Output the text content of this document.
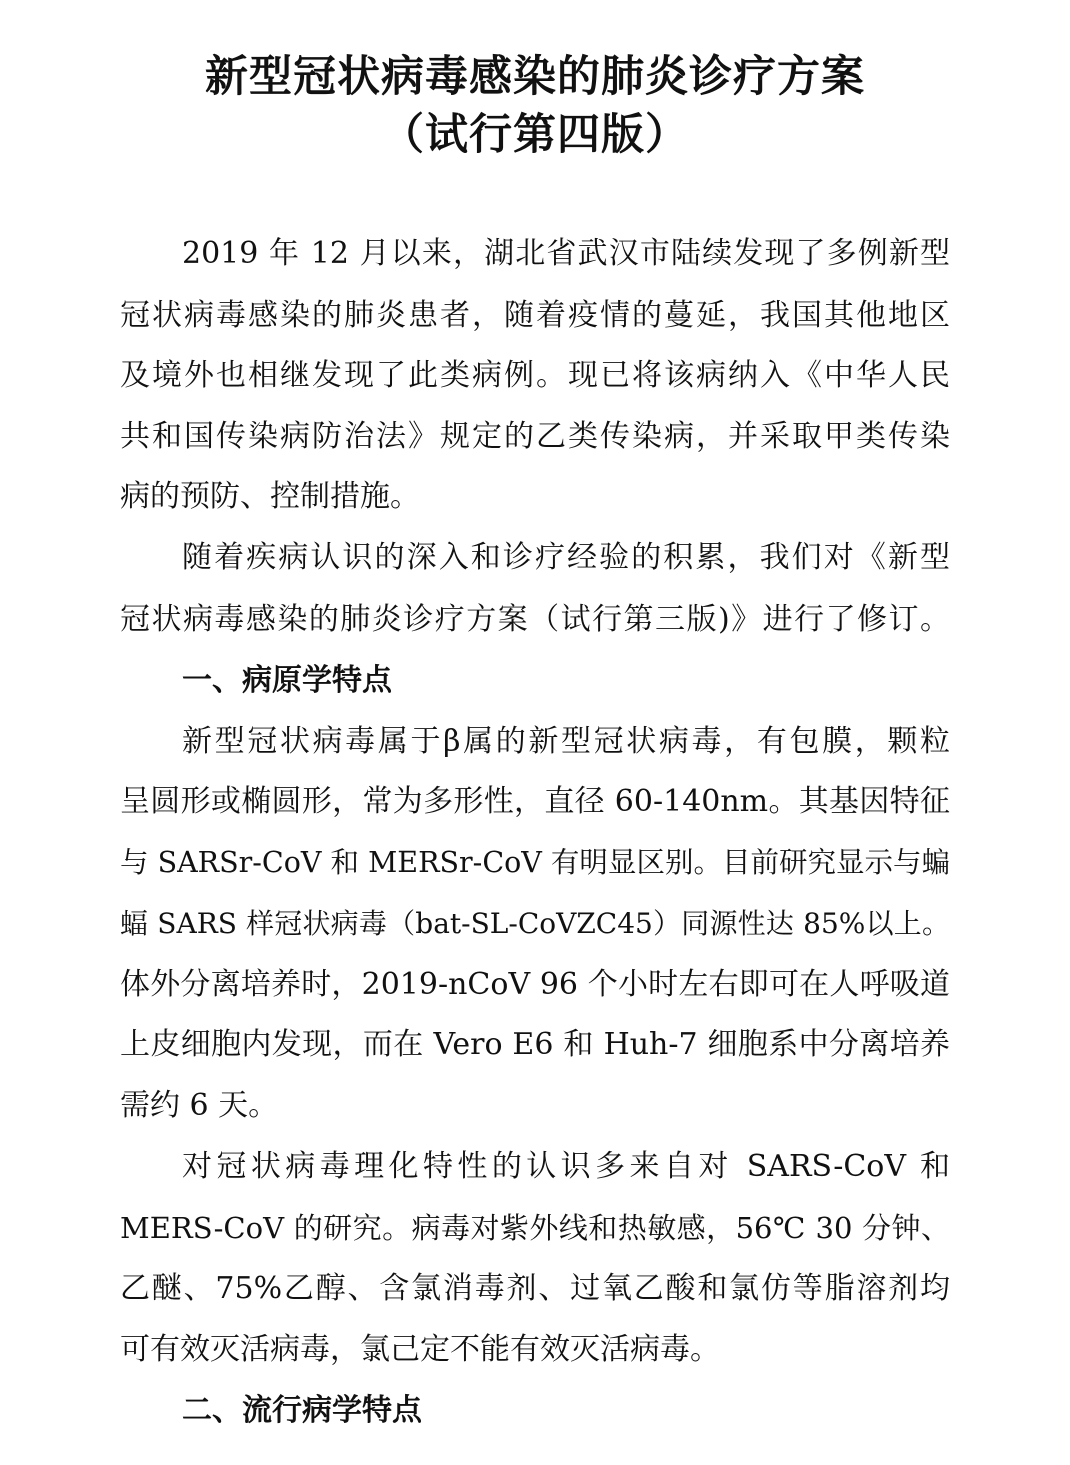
新型冠状病毒感染的肺炎诊疗方案
（试行第四版）
2019 年 12 月以来，湖北省武汉市陆续发现了多例新型
冠状病毒感染的肺炎患者，随着疫情的蔓延，我国其他地区
及境外也相继发现了此类病例。现已将该病纳入《中华人民
共和国传染病防治法》规定的乙类传染病，并采取甲类传染
病的预防、控制措施。
随着疾病认识的深入和诊疗经验的积累，我们对《新型
冠状病毒感染的肺炎诊疗方案（试行第三版)》进行了修订。
一、病原学特点
新型冠状病毒属于β属的新型冠状病毒，有包膜，颗粒
呈圆形或椭圆形，常为多形性，直径 60-140nm。其基因特征
与 SARSr-CoV 和 MERSr-CoV 有明显区别。目前研究显示与蝙
蝠 SARS 样冠状病毒（bat-SL-CoVZC45）同源性达 85%以上。
体外分离培养时，2019-nCoV 96 个小时左右即可在人呼吸道
上皮细胞内发现，而在 Vero E6 和 Huh-7 细胞系中分离培养
需约 6 天。
对冠状病毒理化特性的认识多来自对 SARS-CoV 和
MERS-CoV 的研究。病毒对紫外线和热敏感，56℃ 30 分钟、
乙醚、75%乙醇、含氯消毒剂、过氧乙酸和氯仿等脂溶剂均
可有效灭活病毒，氯己定不能有效灭活病毒。
二、流行病学特点
